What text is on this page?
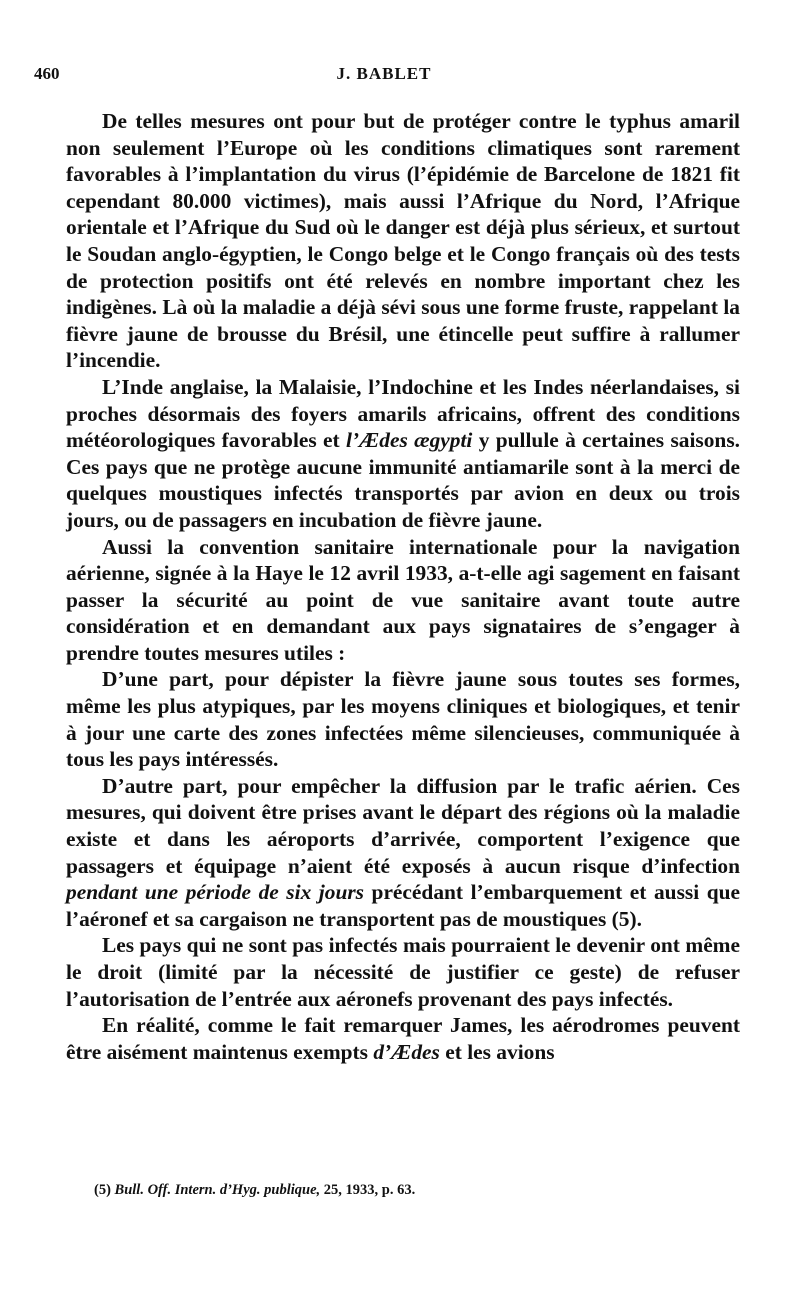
460	J. BABLET

De telles mesures ont pour but de protéger contre le typhus amaril non seulement l’Europe où les conditions climatiques sont rarement favorables à l’implantation du virus (l’épidémie de Barcelone de 1821 fit cependant 80.000 victimes), mais aussi l’Afrique du Nord, l’Afrique orientale et l’Afrique du Sud où le danger est déjà plus sérieux, et surtout le Soudan anglo-égyptien, le Congo belge et le Congo français où des tests de protection positifs ont été relevés en nombre important chez les indigènes. Là où la maladie a déjà sévi sous une forme fruste, rappelant la fièvre jaune de brousse du Brésil, une étincelle peut suffire à rallumer l’incendie.

L’Inde anglaise, la Malaisie, l’Indochine et les Indes néerlandaises, si proches désormais des foyers amarils africains, offrent des conditions météorologiques favorables et l’Ædes ægypti y pullule à certaines saisons. Ces pays que ne protège aucune immunité antiamarile sont à la merci de quelques moustiques infectés transportés par avion en deux ou trois jours, ou de passagers en incubation de fièvre jaune.

Aussi la convention sanitaire internationale pour la navigation aérienne, signée à la Haye le 12 avril 1933, a-t-elle agi sagement en faisant passer la sécurité au point de vue sanitaire avant toute autre considération et en demandant aux pays signataires de s’engager à prendre toutes mesures utiles :

D’une part, pour dépister la fièvre jaune sous toutes ses formes, même les plus atypiques, par les moyens cliniques et biologiques, et tenir à jour une carte des zones infectées même silencieuses, communiquée à tous les pays intéressés.

D’autre part, pour empêcher la diffusion par le trafic aérien. Ces mesures, qui doivent être prises avant le départ des régions où la maladie existe et dans les aéroports d’arrivée, comportent l’exigence que passagers et équipage n’aient été exposés à aucun risque d’infection pendant une période de six jours précédant l’embarquement et aussi que l’aéronef et sa cargaison ne transportent pas de moustiques (5).

Les pays qui ne sont pas infectés mais pourraient le devenir ont même le droit (limité par la nécessité de justifier ce geste) de refuser l’autorisation de l’entrée aux aéronefs provenant des pays infectés.

En réalité, comme le fait remarquer James, les aérodromes peuvent être aisément maintenus exempts d’Ædes et les avions

(5) Bull. Off. Intern. d’Hyg. publique, 25, 1933, p. 63.
